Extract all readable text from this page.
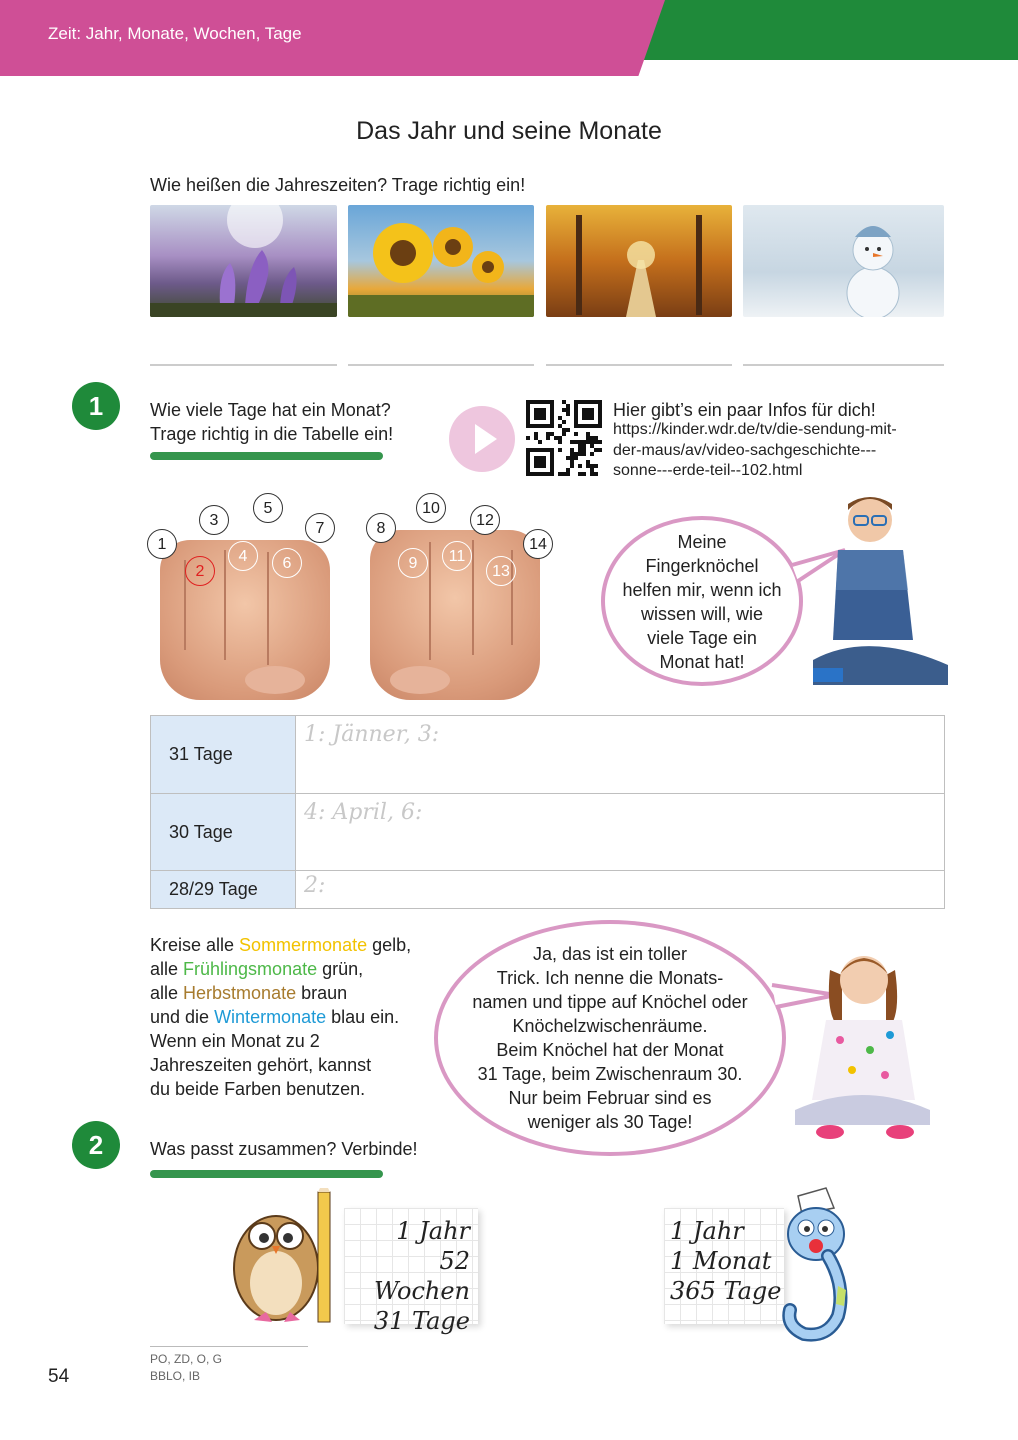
Zeit: Jahr, Monate, Wochen, Tage
Das Jahr und seine Monate
Wie heißen die Jahreszeiten? Trage richtig ein!
1	Wie viele Tage hat ein Monat?
Trage richtig in die Tabelle ein!
Hier gibt’s ein paar Infos für dich!
https://kinder.wdr.de/tv/die-sendung-mit-
der-maus/av/video-sachgeschichte---
sonne---erde-teil--102.html
1
2
3
4
5
6
7	8
9
10
11
12
13
14	Meine
Fingerknöchel
helfen mir, wenn ich
wissen will, wie
viele Tage ein
Monat hat!
31 Tage	1: Jänner, 3:
30 Tage	4: April, 6:
28/29 Tage	2:
Kreise alle Sommermonate gelb,
alle Frühlingsmonate grün,
alle Herbstmonate braun
und die Wintermonate blau ein.
Wenn ein Monat zu 2
Jahreszeiten gehört, kannst
du beide Farben benutzen.
Ja, das ist ein toller
Trick. Ich nenne die Monats-
namen und tippe auf Knöchel oder
Knöchelzwischenräume.
Beim Knöchel hat der Monat
31 Tage, beim Zwischenraum 30.
Nur beim Februar sind es
weniger als 30 Tage!
2	Was passt zusammen? Verbinde!
1 Jahr
52 Wochen
31 Tage
1 Jahr
1 Monat
365 Tage
PO, ZD, O, G
BBLO, IB
54
